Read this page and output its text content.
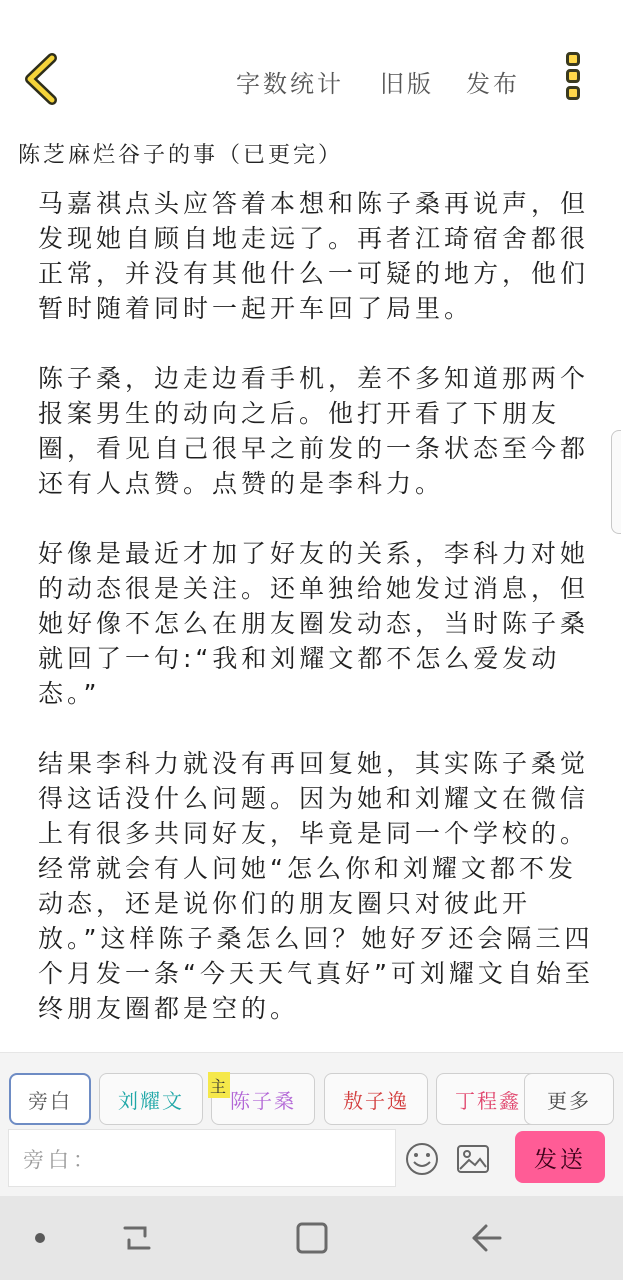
字数统计 旧版 发布
陈芝麻烂谷子的事（已更完）

马嘉祺点头应答着本想和陈子桑再说声，但发现她自顾自地走远了。再者江琦宿舍都很正常，并没有其他什么一可疑的地方，他们暂时随着同时一起开车回了局里。

陈子桑，边走边看手机，差不多知道那两个报案男生的动向之后。他打开看了下朋友圈，看见自己很早之前发的一条状态至今都还有人点赞。点赞的是李科力。

好像是最近才加了好友的关系，李科力对她的动态很是关注。还单独给她发过消息，但她好像不怎么在朋友圈发动态，当时陈子桑就回了一句:“我和刘耀文都不怎么爱发动态。”

结果李科力就没有再回复她，其实陈子桑觉得这话没什么问题。因为她和刘耀文在微信上有很多共同好友，毕竟是同一个学校的。经常就会有人问她“怎么你和刘耀文都不发动态，还是说你们的朋友圈只对彼此开放。”这样陈子桑怎么回？她好歹还会隔三四个月发一条“今天天气真好”可刘耀文自始至终朋友圈都是空的。

旁白 刘耀文
主
陈子桑 敖子逸 丁程鑫 更多
旁白：	发送
